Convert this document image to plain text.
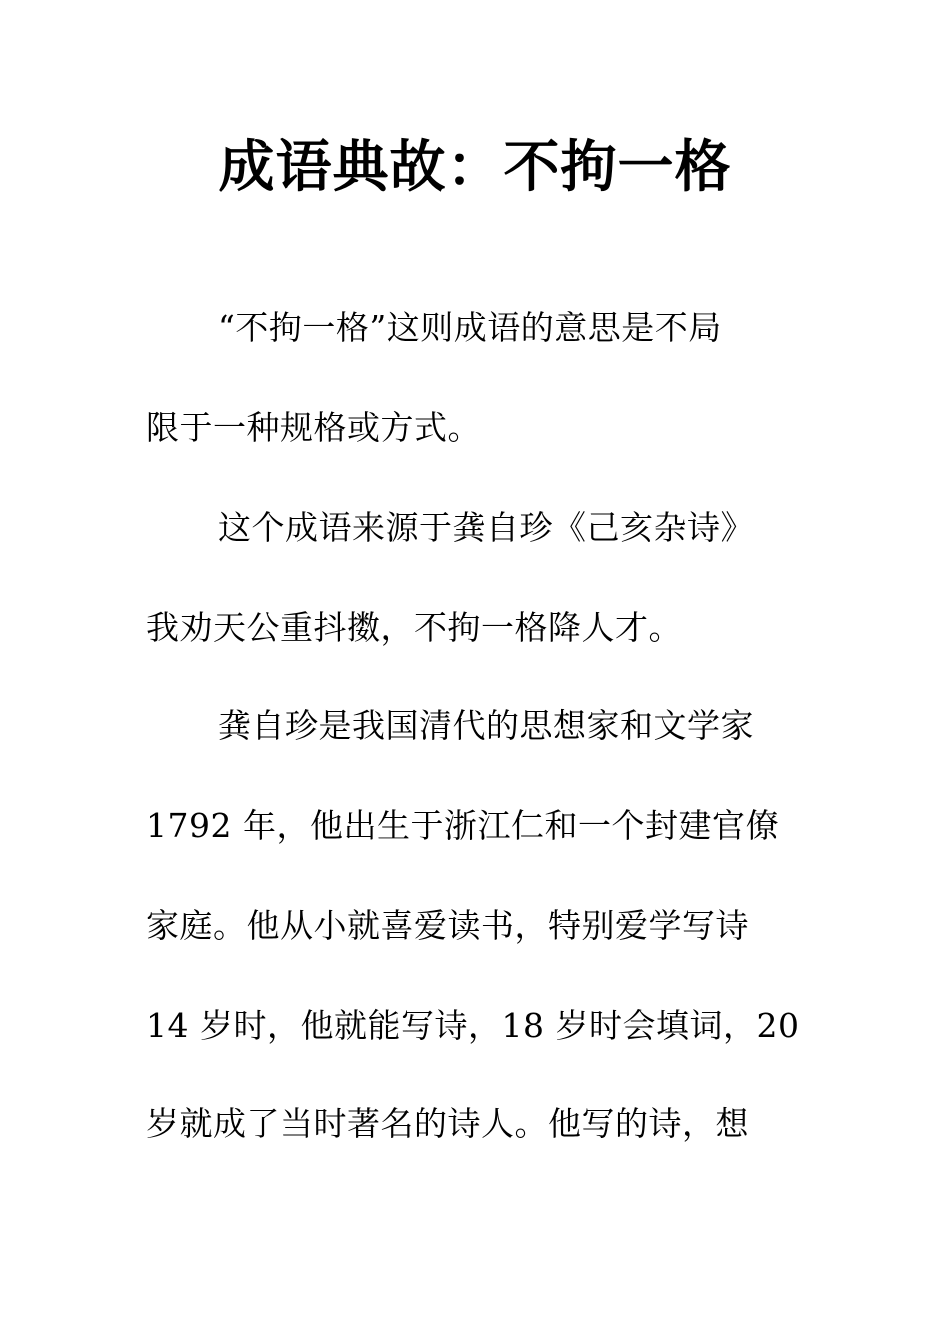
成语典故：不拘一格
“不拘一格”这则成语的意思是不局
限于一种规格或方式。
这个成语来源于龚自珍《己亥杂诗》
我劝天公重抖擞，不拘一格降人才。
龚自珍是我国清代的思想家和文学家
1792 年，他出生于浙江仁和一个封建官僚
家庭。他从小就喜爱读书，特别爱学写诗
14 岁时，他就能写诗，18 岁时会填词，20
岁就成了当时著名的诗人。他写的诗，想
